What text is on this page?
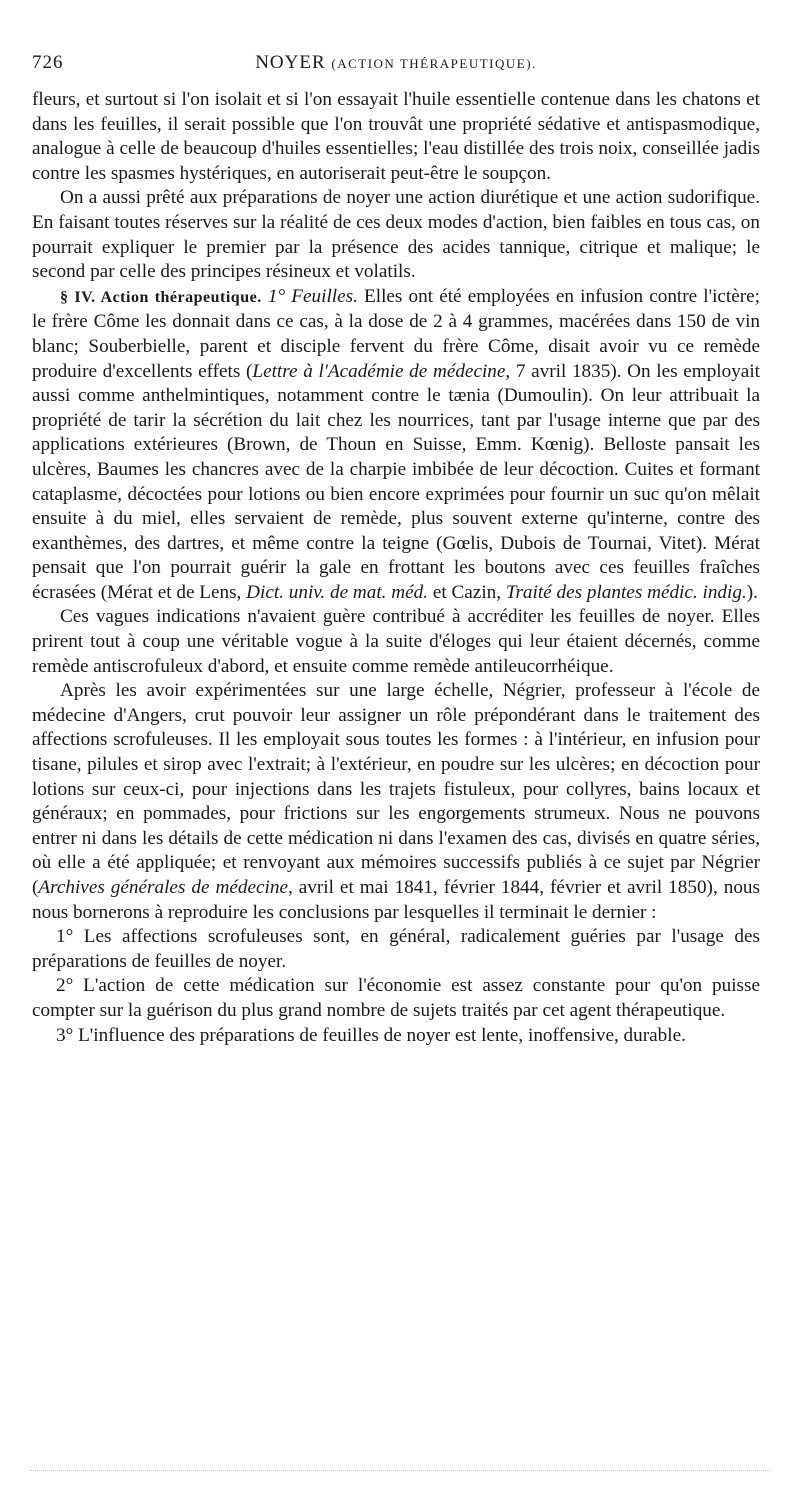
726	NOYER (ACTION THÉRAPEUTIQUE).

fleurs, et surtout si l'on isolait et si l'on essayait l'huile essentielle contenue dans les chatons et dans les feuilles, il serait possible que l'on trouvât une propriété sédative et antispasmodique, analogue à celle de beaucoup d'huiles essentielles; l'eau distillée des trois noix, conseillée jadis contre les spasmes hystériques, en autoriserait peut-être le soupçon.

On a aussi prêté aux préparations de noyer une action diurétique et une action sudorifique. En faisant toutes réserves sur la réalité de ces deux modes d'action, bien faibles en tous cas, on pourrait expliquer le premier par la présence des acides tannique, citrique et malique; le second par celle des principes résineux et volatils.

§ IV. Action thérapeutique. 1° Feuilles. Elles ont été employées en infusion contre l'ictère; le frère Côme les donnait dans ce cas, à la dose de 2 à 4 grammes, macérées dans 150 de vin blanc; Souberbielle, parent et disciple fervent du frère Côme, disait avoir vu ce remède produire d'excellents effets (Lettre à l'Académie de médecine, 7 avril 1835). On les employait aussi comme anthelmintiques, notamment contre le tænia (Dumoulin). On leur attribuait la propriété de tarir la sécrétion du lait chez les nourrices, tant par l'usage interne que par des applications extérieures (Brown, de Thoun en Suisse, Emm. Kœnig). Belloste pansait les ulcères, Baumes les chancres avec de la charpie imbibée de leur décoction. Cuites et formant cataplasme, décoctées pour lotions ou bien encore exprimées pour fournir un suc qu'on mêlait ensuite à du miel, elles servaient de remède, plus souvent externe qu'interne, contre des exanthèmes, des dartres, et même contre la teigne (Gœlis, Dubois de Tournai, Vitet). Mérat pensait que l'on pourrait guérir la gale en frottant les boutons avec ces feuilles fraîches écrasées (Mérat et de Lens, Dict. univ. de mat. méd. et Cazin, Traité des plantes médic. indig.).

Ces vagues indications n'avaient guère contribué à accréditer les feuilles de noyer. Elles prirent tout à coup une véritable vogue à la suite d'éloges qui leur étaient décernés, comme remède antiscrofuleux d'abord, et ensuite comme remède antileucorrhéique.

Après les avoir expérimentées sur une large échelle, Négrier, professeur à l'école de médecine d'Angers, crut pouvoir leur assigner un rôle prépondérant dans le traitement des affections scrofuleuses. Il les employait sous toutes les formes : à l'intérieur, en infusion pour tisane, pilules et sirop avec l'extrait; à l'extérieur, en poudre sur les ulcères; en décoction pour lotions sur ceux-ci, pour injections dans les trajets fistuleux, pour collyres, bains locaux et généraux; en pommades, pour frictions sur les engorgements strumeux. Nous ne pouvons entrer ni dans les détails de cette médication ni dans l'examen des cas, divisés en quatre séries, où elle a été appliquée; et renvoyant aux mémoires successifs publiés à ce sujet par Négrier (Archives générales de médecine, avril et mai 1841, février 1844, février et avril 1850), nous nous bornerons à reproduire les conclusions par lesquelles il terminait le dernier :

1° Les affections scrofuleuses sont, en général, radicalement guéries par l'usage des préparations de feuilles de noyer.

2° L'action de cette médication sur l'économie est assez constante pour qu'on puisse compter sur la guérison du plus grand nombre de sujets traités par cet agent thérapeutique.

3° L'influence des préparations de feuilles de noyer est lente, inoffensive, durable.
